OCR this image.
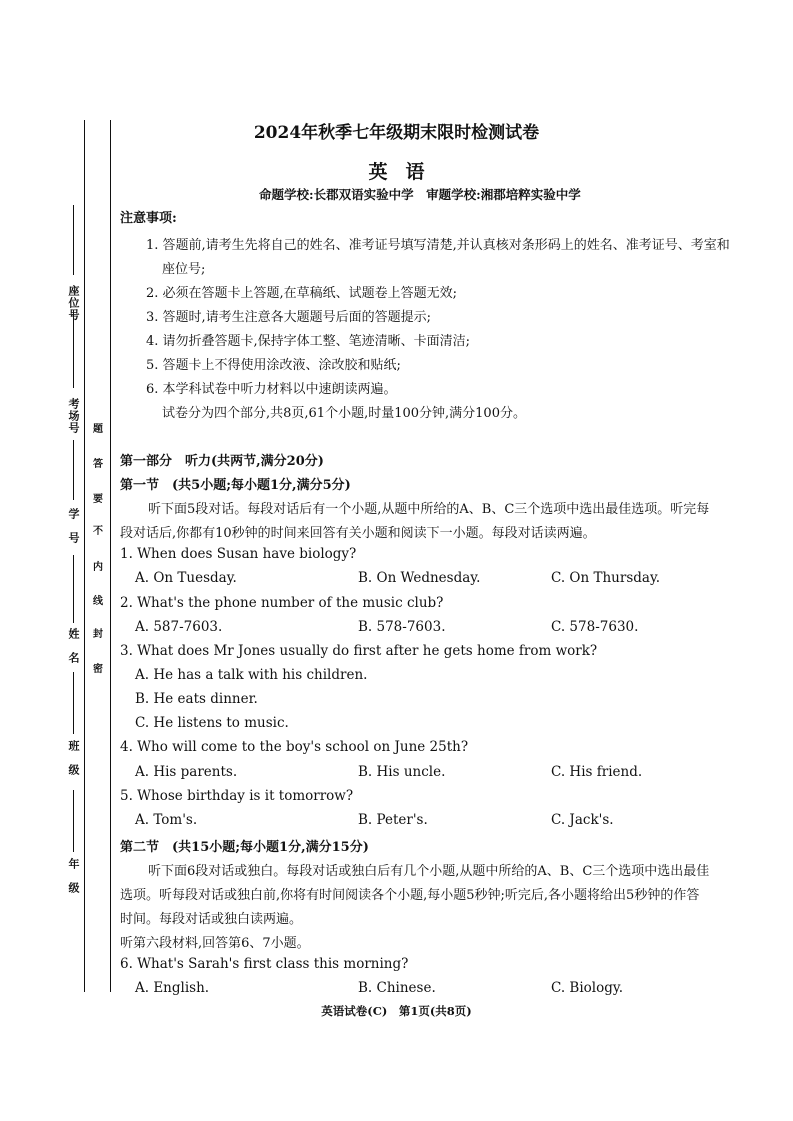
座位号
考场号
学　号
姓　名
班　级
年　级
题
答
要
不
内
线
封
密
2024年秋季七年级期末限时检测试卷
英语
命题学校:长郡双语实验中学　审题学校:湘郡培粹实验中学
注意事项:
1. 答题前,请考生先将自己的姓名、准考证号填写清楚,并认真核对条形码上的姓名、准考证号、考室和
座位号;
2. 必须在答题卡上答题,在草稿纸、试题卷上答题无效;
3. 答题时,请考生注意各大题题号后面的答题提示;
4. 请勿折叠答题卡,保持字体工整、笔迹清晰、卡面清洁;
5. 答题卡上不得使用涂改液、涂改胶和贴纸;
6. 本学科试卷中听力材料以中速朗读两遍。
试卷分为四个部分,共8页,61个小题,时量100分钟,满分100分。
第一部分　听力(共两节,满分20分)
第一节　(共5小题;每小题1分,满分5分)
听下面5段对话。每段对话后有一个小题,从题中所给的A、B、C三个选项中选出最佳选项。听完每
段对话后,你都有10秒钟的时间来回答有关小题和阅读下一小题。每段对话读两遍。
1. When does Susan have biology?
A. On Tuesday.	B. On Wednesday.	C. On Thursday.
2. What's the phone number of the music club?
A. 587-7603.	B. 578-7603.	C. 578-7630.
3. What does Mr Jones usually do first after he gets home from work?
A. He has a talk with his children.
B. He eats dinner.
C. He listens to music.
4. Who will come to the boy's school on June 25th?
A. His parents.	B. His uncle.	C. His friend.
5. Whose birthday is it tomorrow?
A. Tom's.	B. Peter's.	C. Jack's.
第二节　(共15小题;每小题1分,满分15分)
听下面6段对话或独白。每段对话或独白后有几个小题,从题中所给的A、B、C三个选项中选出最佳
选项。听每段对话或独白前,你将有时间阅读各个小题,每小题5秒钟;听完后,各小题将给出5秒钟的作答
时间。每段对话或独白读两遍。
听第六段材料,回答第6、7小题。
6. What's Sarah's first class this morning?
A. English.	B. Chinese.	C. Biology.
英语试卷(C)　第1页(共8页)
